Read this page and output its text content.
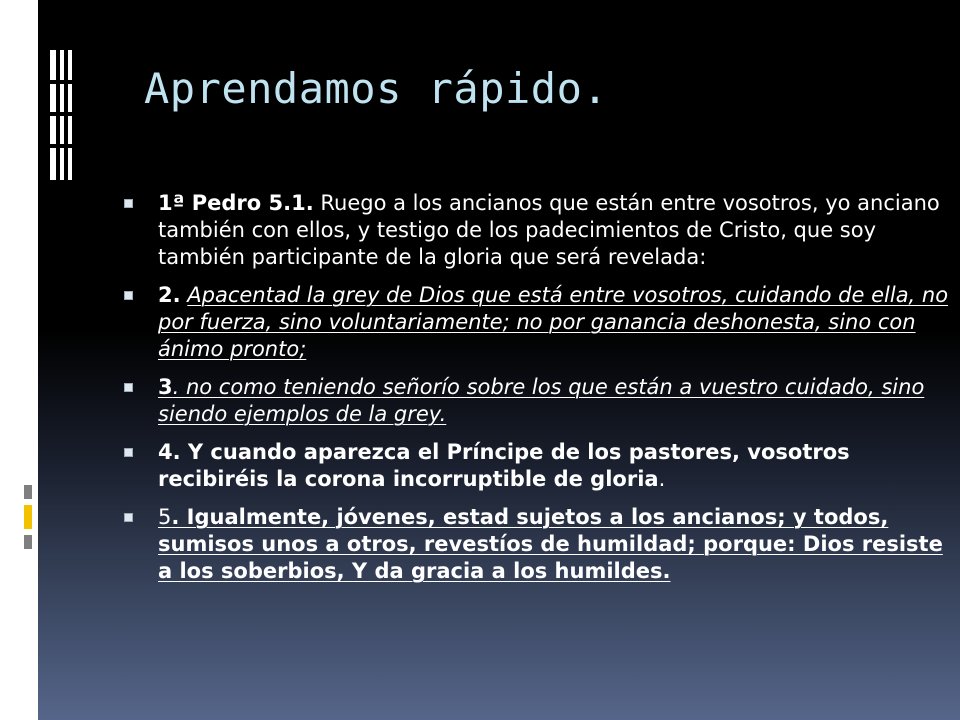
Aprendamos rápido.
1ª Pedro 5.1. Ruego a los ancianos que están entre vosotros, yo anciano también con ellos, y testigo de los padecimientos de Cristo, que soy también participante de la gloria que será revelada:
2. Apacentad la grey de Dios que está entre vosotros, cuidando de ella, no por fuerza, sino voluntariamente; no por ganancia deshonesta, sino con ánimo pronto;
3. no como teniendo señorío sobre los que están a vuestro cuidado, sino siendo ejemplos de la grey.
4. Y cuando aparezca el Príncipe de los pastores, vosotros recibiréis la corona incorruptible de gloria.
5. Igualmente, jóvenes, estad sujetos a los ancianos; y todos, sumisos unos a otros, revestíos de humildad; porque: Dios resiste a los soberbios, Y da gracia a los humildes.
